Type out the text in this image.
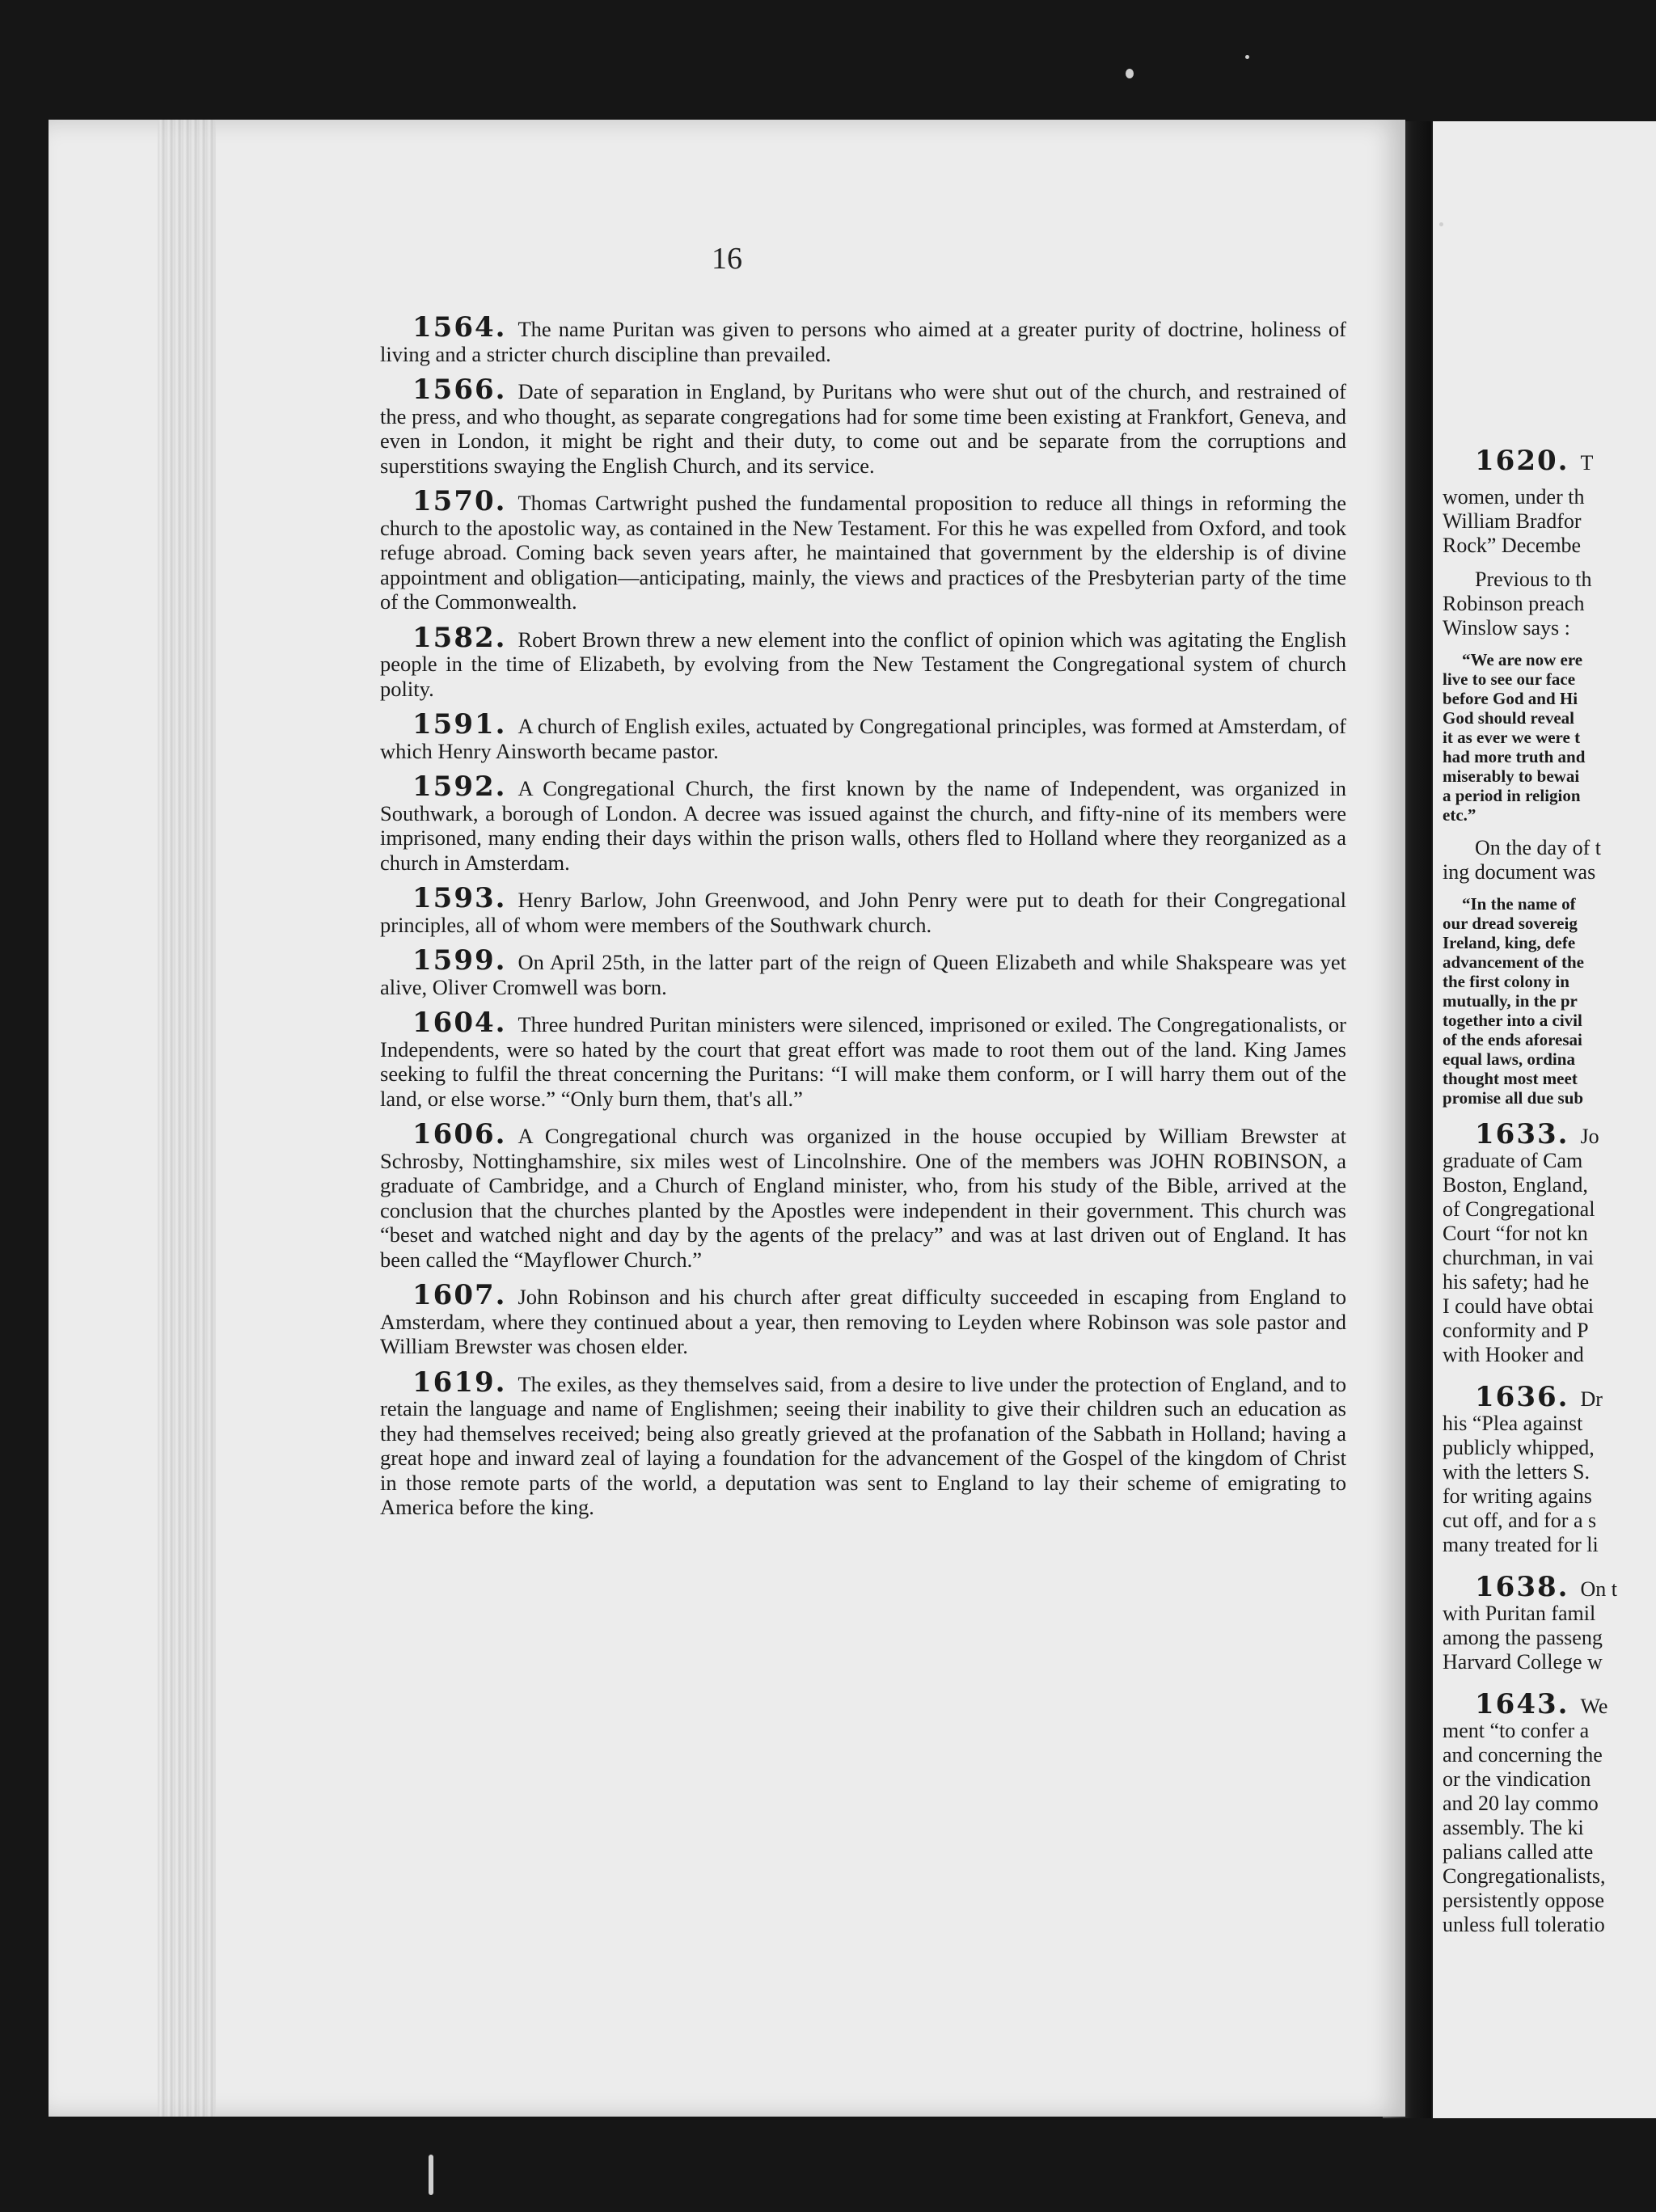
16

1564. The name Puritan was given to persons who aimed at a greater purity of doctrine, holiness of living and a stricter church discipline than prevailed.

1566. Date of separation in England, by Puritans who were shut out of the church, and restrained of the press, and who thought, as separate congregations had for some time been existing at Frankfort, Geneva, and even in London, it might be right and their duty, to come out and be separate from the corruptions and superstitions swaying the English Church, and its service.

1570. Thomas Cartwright pushed the fundamental proposition to reduce all things in reforming the church to the apostolic way, as contained in the New Testament. For this he was expelled from Oxford, and took refuge abroad. Coming back seven years after, he maintained that government by the eldership is of divine appointment and obligation—anticipating, mainly, the views and practices of the Presbyterian party of the time of the Commonwealth.

1582. Robert Brown threw a new element into the conflict of opinion which was agitating the English people in the time of Elizabeth, by evolving from the New Testament the Congregational system of church polity.

1591. A church of English exiles, actuated by Congregational principles, was formed at Amsterdam, of which Henry Ainsworth became pastor.

1592. A Congregational Church, the first known by the name of Independent, was organized in Southwark, a borough of London. A decree was issued against the church, and fifty-nine of its members were imprisoned, many ending their days within the prison walls, others fled to Holland where they reorganized as a church in Amsterdam.

1593. Henry Barlow, John Greenwood, and John Penry were put to death for their Congregational principles, all of whom were members of the Southwark church.

1599. On April 25th, in the latter part of the reign of Queen Elizabeth and while Shakspeare was yet alive, Oliver Cromwell was born.

1604. Three hundred Puritan ministers were silenced, imprisoned or exiled. The Congregationalists, or Independents, were so hated by the court that great effort was made to root them out of the land. King James seeking to fulfil the threat concerning the Puritans: “I will make them conform, or I will harry them out of the land, or else worse.” “Only burn them, that's all.”

1606. A Congregational church was organized in the house occupied by William Brewster at Schrosby, Nottinghamshire, six miles west of Lincolnshire. One of the members was JOHN ROBINSON, a graduate of Cambridge, and a Church of England minister, who, from his study of the Bible, arrived at the conclusion that the churches planted by the Apostles were independent in their government. This church was “beset and watched night and day by the agents of the prelacy” and was at last driven out of England. It has been called the “Mayflower Church.”

1607. John Robinson and his church after great difficulty succeeded in escaping from England to Amsterdam, where they continued about a year, then removing to Leyden where Robinson was sole pastor and William Brewster was chosen elder.

1619. The exiles, as they themselves said, from a desire to live under the protection of England, and to retain the language and name of Englishmen; seeing their inability to give their children such an education as they had themselves received; being also greatly grieved at the profanation of the Sabbath in Holland; having a great hope and inward zeal of laying a foundation for the advancement of the Gospel of the kingdom of Christ in those remote parts of the world, a deputation was sent to England to lay their scheme of emigrating to America before the king.

1620. T

women, under th

William Bradfor

Rock” Decembe

Previous to th

Robinson preach

Winslow says :

“We are now ere

live to see our face

before God and Hi

God should reveal

it as ever we were t

had more truth and

miserably to bewai

a period in religion

etc.”

On the day of t

ing document was

“In the name of

our dread sovereig

Ireland, king, defe

advancement of the

the first colony in

mutually, in the pr

together into a civil

of the ends aforesai

equal laws, ordina

thought most meet

promise all due sub

1633. Jo

graduate of Cam

Boston, England,

of Congregational

Court “for not kn

churchman, in vai

his safety; had he

I could have obtai

conformity and P

with Hooker and

1636. Dr

his “Plea against

publicly whipped,

with the letters S.

for writing agains

cut off, and for a s

many treated for li

1638. On t

with Puritan famil

among the passeng

Harvard College w

1643. We

ment “to confer a

and concerning the

or the vindication

and 20 lay commo

assembly. The ki

palians called atte

Congregationalists,

persistently oppose

unless full toleratio
